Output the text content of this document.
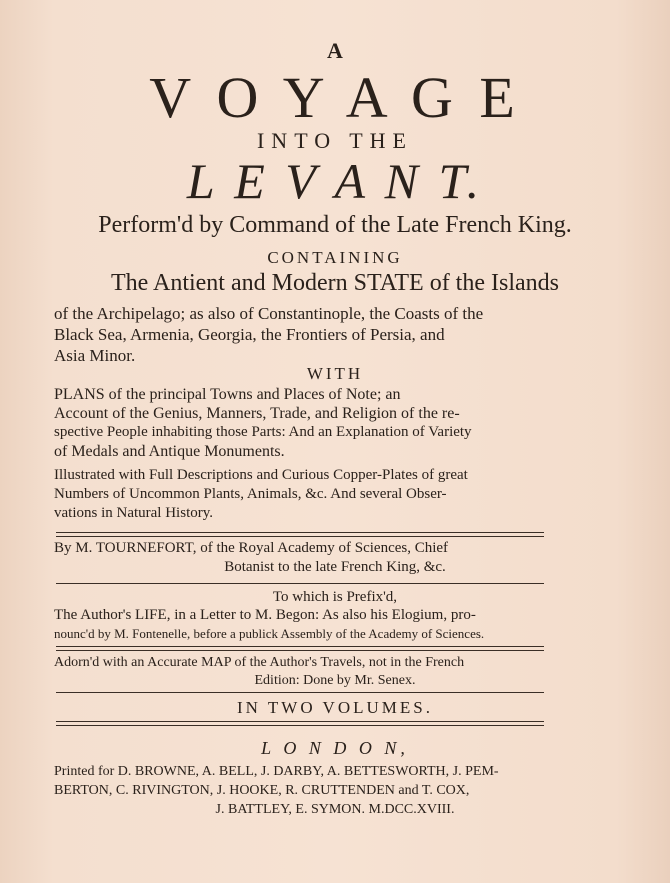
A
V O Y A G E
INTO THE
L E V A N T.
Perform'd by Command of the Late French King.
CONTAINING
The Antient and Modern STATE of the Islands
of the Archipelago; as also of Constantinople, the Coasts of the
Black Sea, Armenia, Georgia, the Frontiers of Persia, and
Asia Minor.
WITH
PLANS of the principal Towns and Places of Note; an
Account of the Genius, Manners, Trade, and Religion of the re-
spective People inhabiting those Parts: And an Explanation of Variety
of Medals and Antique Monuments.
Illustrated with Full Descriptions and Curious Copper-Plates of great
Numbers of Uncommon Plants, Animals, &c. And several Obser-
vations in Natural History.
By M. TOURNEFORT, of the Royal Academy of Sciences, Chief
Botanist to the late French King, &c.
To which is Prefix'd,
The Author's LIFE, in a Letter to M. Begon: As also his Elogium, pro-
nounc'd by M. Fontenelle, before a publick Assembly of the Academy of Sciences.
Adorn'd with an Accurate MAP of the Author's Travels, not in the French
Edition: Done by Mr. Senex.
IN TWO VOLUMES.
L O N D O N,
Printed for D. BROWNE, A. BELL, J. DARBY, A. BETTESWORTH, J. PEM-
BERTON, C. RIVINGTON, J. HOOKE, R. CRUTTENDEN and T. COX,
J. BATTLEY, E. SYMON. M.DCC.XVIII.
